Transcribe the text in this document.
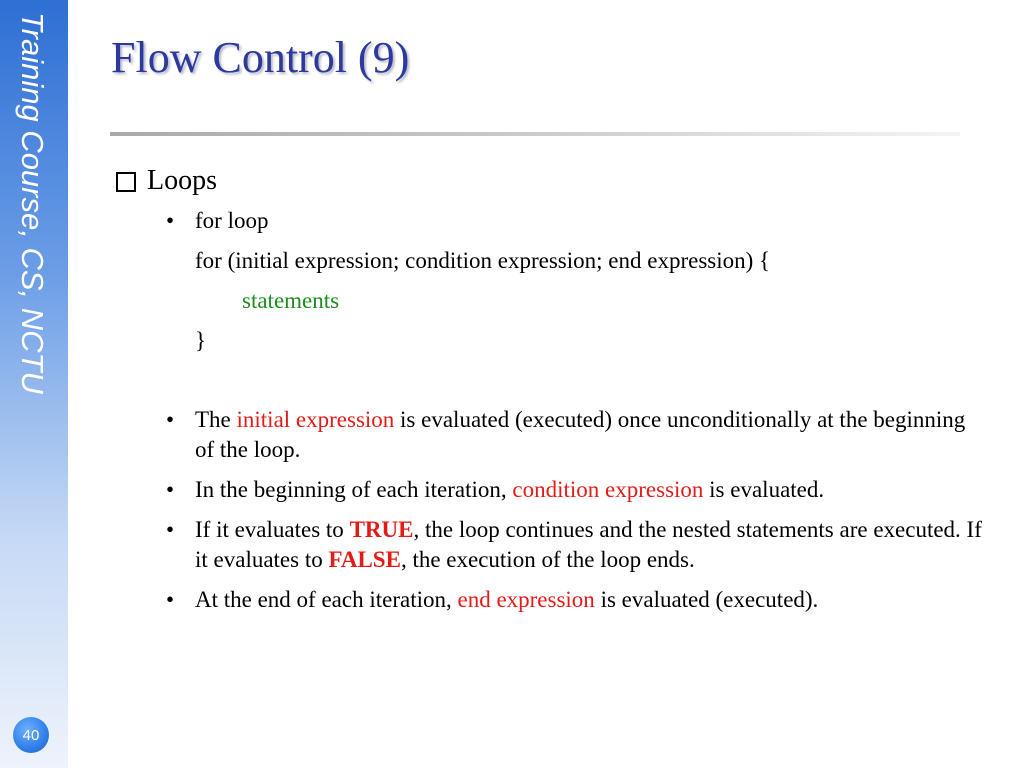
Training Course, CS, NCTU
40
Flow Control (9)
Loops
• for loop
for (initial expression; condition expression; end expression) {
statements
}
• The initial expression is evaluated (executed) once unconditionally at the beginning of the loop.
• In the beginning of each iteration, condition expression is evaluated.
• If it evaluates to TRUE, the loop continues and the nested statements are executed. If it evaluates to FALSE, the execution of the loop ends.
• At the end of each iteration, end expression is evaluated (executed).
